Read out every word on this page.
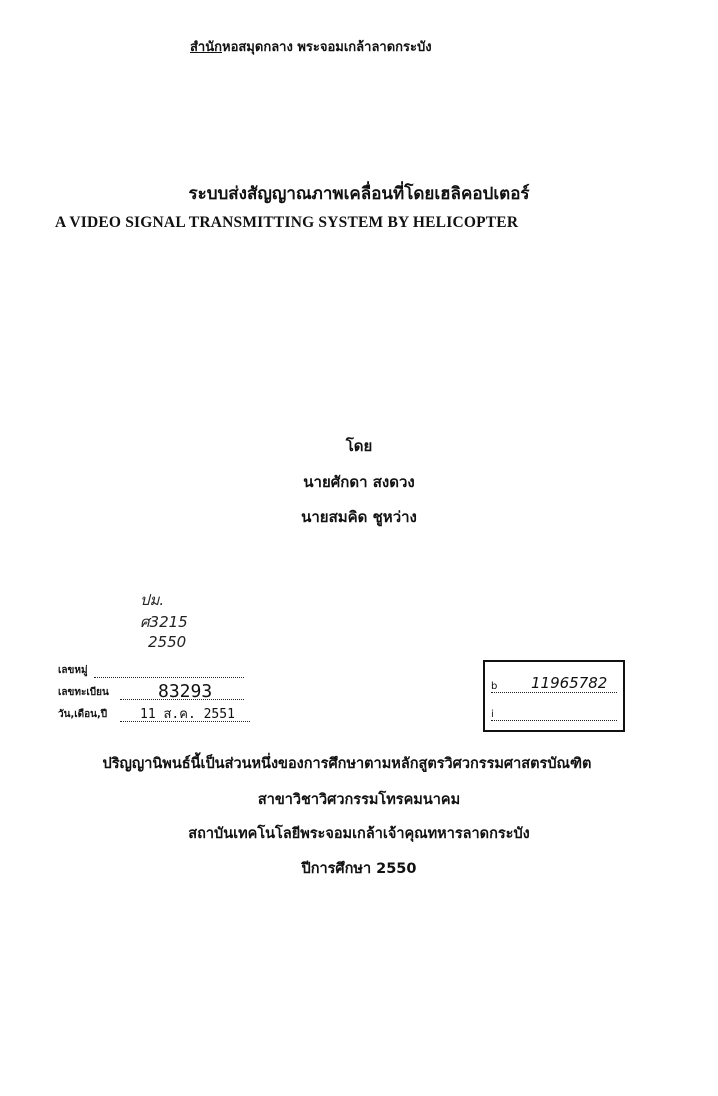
สำนักหอสมุดกลาง พระจอมเกล้าลาดกระบัง
ระบบส่งสัญญาณภาพเคลื่อนที่โดยเฮลิคอปเตอร์
A VIDEO SIGNAL TRANSMITTING SYSTEM BY HELICOPTER
โดย
นายศักดา สงดวง
นายสมคิด ชูหว่าง
ปม.
ศ3215
2550
เลขหมู่
เลขทะเบียน	83293
วัน,เดือน,ปี	11 ส.ค. 2551
b 11965782
i
ปริญญานิพนธ์นี้เป็นส่วนหนึ่งของการศึกษาตามหลักสูตรวิศวกรรมศาสตรบัณฑิต
สาขาวิชาวิศวกรรมโทรคมนาคม
สถาบันเทคโนโลยีพระจอมเกล้าเจ้าคุณทหารลาดกระบัง
ปีการศึกษา 2550
